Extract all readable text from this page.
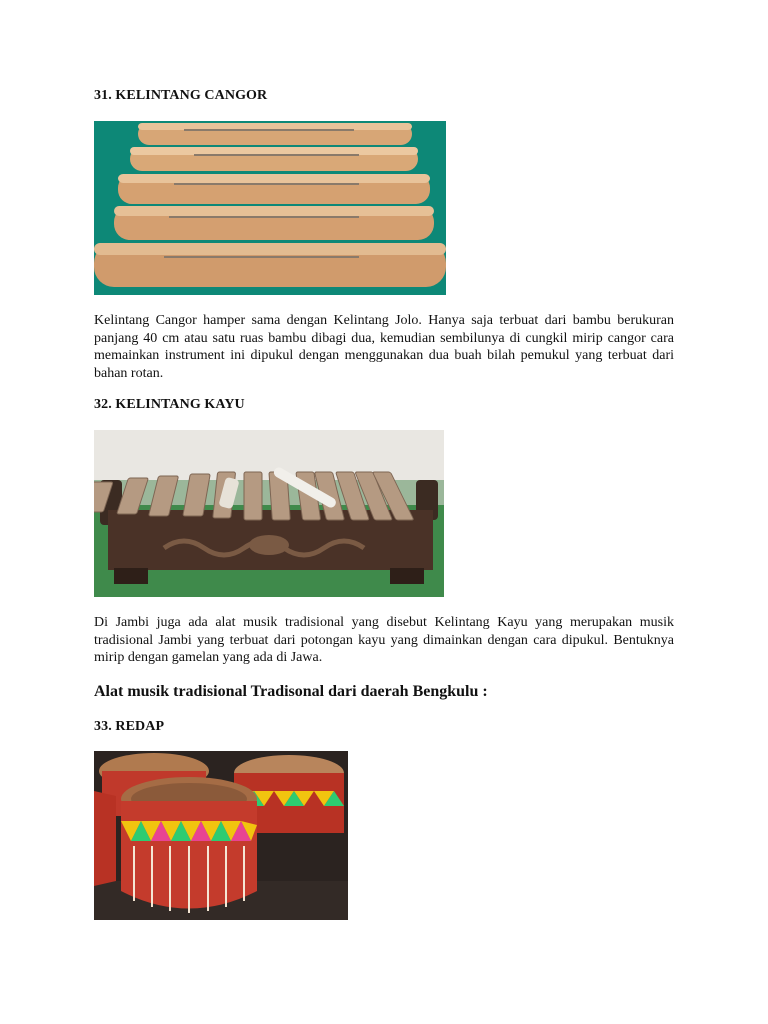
31. KELINTANG CANGOR

Kelintang Cangor hamper sama dengan Kelintang Jolo. Hanya saja terbuat dari bambu berukuran panjang 40 cm atau satu ruas bambu dibagi dua, kemudian sembilunya di cungkil mirip cangor cara memainkan instrument ini dipukul dengan menggunakan dua buah bilah pemukul yang terbuat dari bahan rotan.

32. KELINTANG KAYU

Di Jambi juga ada alat musik tradisional yang disebut Kelintang Kayu yang merupakan musik tradisional Jambi yang terbuat dari potongan kayu yang dimainkan dengan cara dipukul. Bentuknya mirip dengan gamelan yang ada di Jawa.

Alat musik tradisional Tradisonal dari daerah Bengkulu :
33. REDAP
